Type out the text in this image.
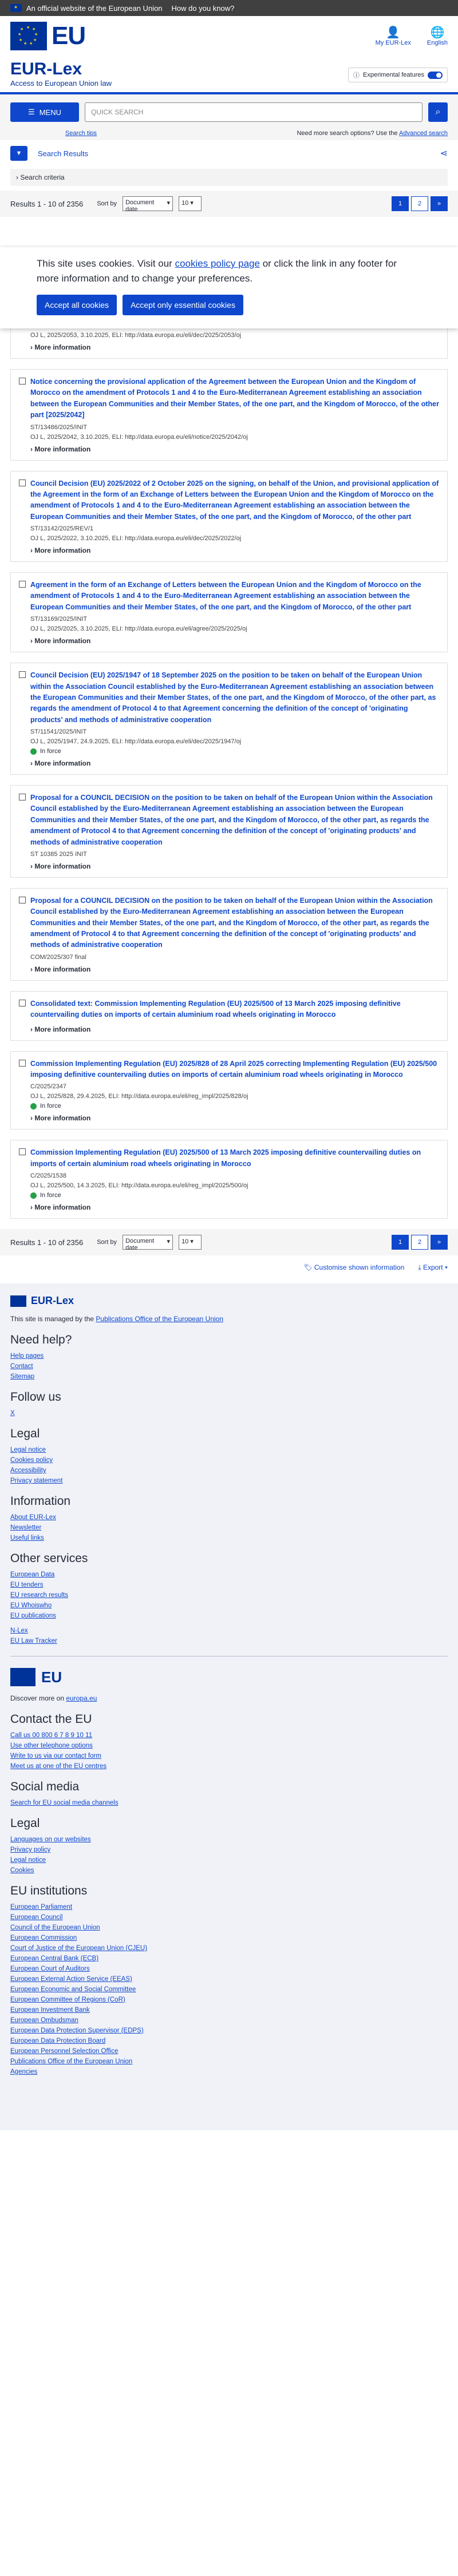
★
An official website of the European Union How do you know?
★ ★
★
★
★
★
★
★
★ EU	👤
My EUR-Lex
🌐
English
EUR-Lex
Access to European Union law
ⓘ Experimental features
☰ MENU	QUICK SEARCH	⌕
Search tips	Need more search options? Use the Advanced search
▼ Search Results	⋖
› Search criteria
Results 1 - 10 of 2356 Sort by Document date
▾	10 ▾	1	2	»

This site uses cookies. Visit our cookies policy page or click the link in any footer for more information and to change your preferences.

Accept all cookies	Accept only essential cookies
OJ L, 2025/2053, 3.10.2025, ELI: http://data.europa.eu/eli/dec/2025/2053/oj
› More information
Notice concerning the provisional application of the Agreement between the European Union and the Kingdom of Morocco on the amendment of Protocols 1 and 4 to the Euro-Mediterranean Agreement establishing an association between the European Communities and their Member States, of the one part, and the Kingdom of Morocco, of the other part [2025/2042]
ST/13486/2025/INIT
OJ L, 2025/2042, 3.10.2025, ELI: http://data.europa.eu/eli/notice/2025/2042/oj
› More information
Council Decision (EU) 2025/2022 of 2 October 2025 on the signing, on behalf of the Union, and provisional application of the Agreement in the form of an Exchange of Letters between the European Union and the Kingdom of Morocco on the amendment of Protocols 1 and 4 to the Euro-Mediterranean Agreement establishing an association between the European Communities and their Member States, of the one part, and the Kingdom of Morocco, of the other part
ST/13142/2025/REV/1
OJ L, 2025/2022, 3.10.2025, ELI: http://data.europa.eu/eli/dec/2025/2022/oj
› More information
Agreement in the form of an Exchange of Letters between the European Union and the Kingdom of Morocco on the amendment of Protocols 1 and 4 to the Euro-Mediterranean Agreement establishing an association between the European Communities and their Member States, of the one part, and the Kingdom of Morocco, of the other part
ST/13169/2025/INIT
OJ L, 2025/2025, 3.10.2025, ELI: http://data.europa.eu/eli/agree/2025/2025/oj
› More information
Council Decision (EU) 2025/1947 of 18 September 2025 on the position to be taken on behalf of the European Union within the Association Council established by the Euro-Mediterranean Agreement establishing an association between the European Communities and their Member States, of the one part, and the Kingdom of Morocco, of the other part, as regards the amendment of Protocol 4 to that Agreement concerning the definition of the concept of 'originating products' and methods of administrative cooperation
ST/11541/2025/INIT
OJ L, 2025/1947, 24.9.2025, ELI: http://data.europa.eu/eli/dec/2025/1947/oj
In force
› More information
Proposal for a COUNCIL DECISION on the position to be taken on behalf of the European Union within the Association Council established by the Euro-Mediterranean Agreement establishing an association between the European Communities and their Member States, of the one part, and the Kingdom of Morocco, of the other part, as regards the amendment of Protocol 4 to that Agreement concerning the definition of the concept of 'originating products' and methods of administrative cooperation
ST 10385 2025 INIT
› More information
Proposal for a COUNCIL DECISION on the position to be taken on behalf of the European Union within the Association Council established by the Euro-Mediterranean Agreement establishing an association between the European Communities and their Member States, of the one part, and the Kingdom of Morocco, of the other part, as regards the amendment of Protocol 4 to that Agreement concerning the definition of the concept of 'originating products' and methods of administrative cooperation
COM/2025/307 final
› More information
Consolidated text: Commission Implementing Regulation (EU) 2025/500 of 13 March 2025 imposing definitive countervailing duties on imports of certain aluminium road wheels originating in Morocco
› More information
Commission Implementing Regulation (EU) 2025/828 of 28 April 2025 correcting Implementing Regulation (EU) 2025/500 imposing definitive countervailing duties on imports of certain aluminium road wheels originating in Morocco
C/2025/2347
OJ L, 2025/828, 29.4.2025, ELI: http://data.europa.eu/eli/reg_impl/2025/828/oj
In force
› More information
Commission Implementing Regulation (EU) 2025/500 of 13 March 2025 imposing definitive countervailing duties on imports of certain aluminium road wheels originating in Morocco
C/2025/1538
OJ L, 2025/500, 14.3.2025, ELI: http://data.europa.eu/eli/reg_impl/2025/500/oj
In force
› More information
Results 1 - 10 of 2356 Sort by Document date
▾	10 ▾	1	2	»
🏷 Customise shown information ⤓ Export ▾
EUR-Lex
This site is managed by the Publications Office of the European Union
Need help?
Help pages
Contact
Sitemap
Follow us
X
Legal
Legal notice
Cookies policy
Accessibility
Privacy statement
Information
About EUR-Lex
Newsletter
Useful links
Other services
European Data
EU tenders
EU research results
EU Whoiswho
EU publications
N-Lex
EU Law Tracker
EU
Discover more on europa.eu
Contact the EU
Call us 00 800 6 7 8 9 10 11
Use other telephone options
Write to us via our contact form
Meet us at one of the EU centres
Social media
Search for EU social media channels
Legal
Languages on our websites
Privacy policy
Legal notice
Cookies
EU institutions
European Parliament
European Council
Council of the European Union
European Commission
Court of Justice of the European Union (CJEU)
European Central Bank (ECB)
European Court of Auditors
European External Action Service (EEAS)
European Economic and Social Committee
European Committee of Regions (CoR)
European Investment Bank
European Ombudsman
European Data Protection Supervisor (EDPS)
European Data Protection Board
European Personnel Selection Office
Publications Office of the European Union
Agencies
